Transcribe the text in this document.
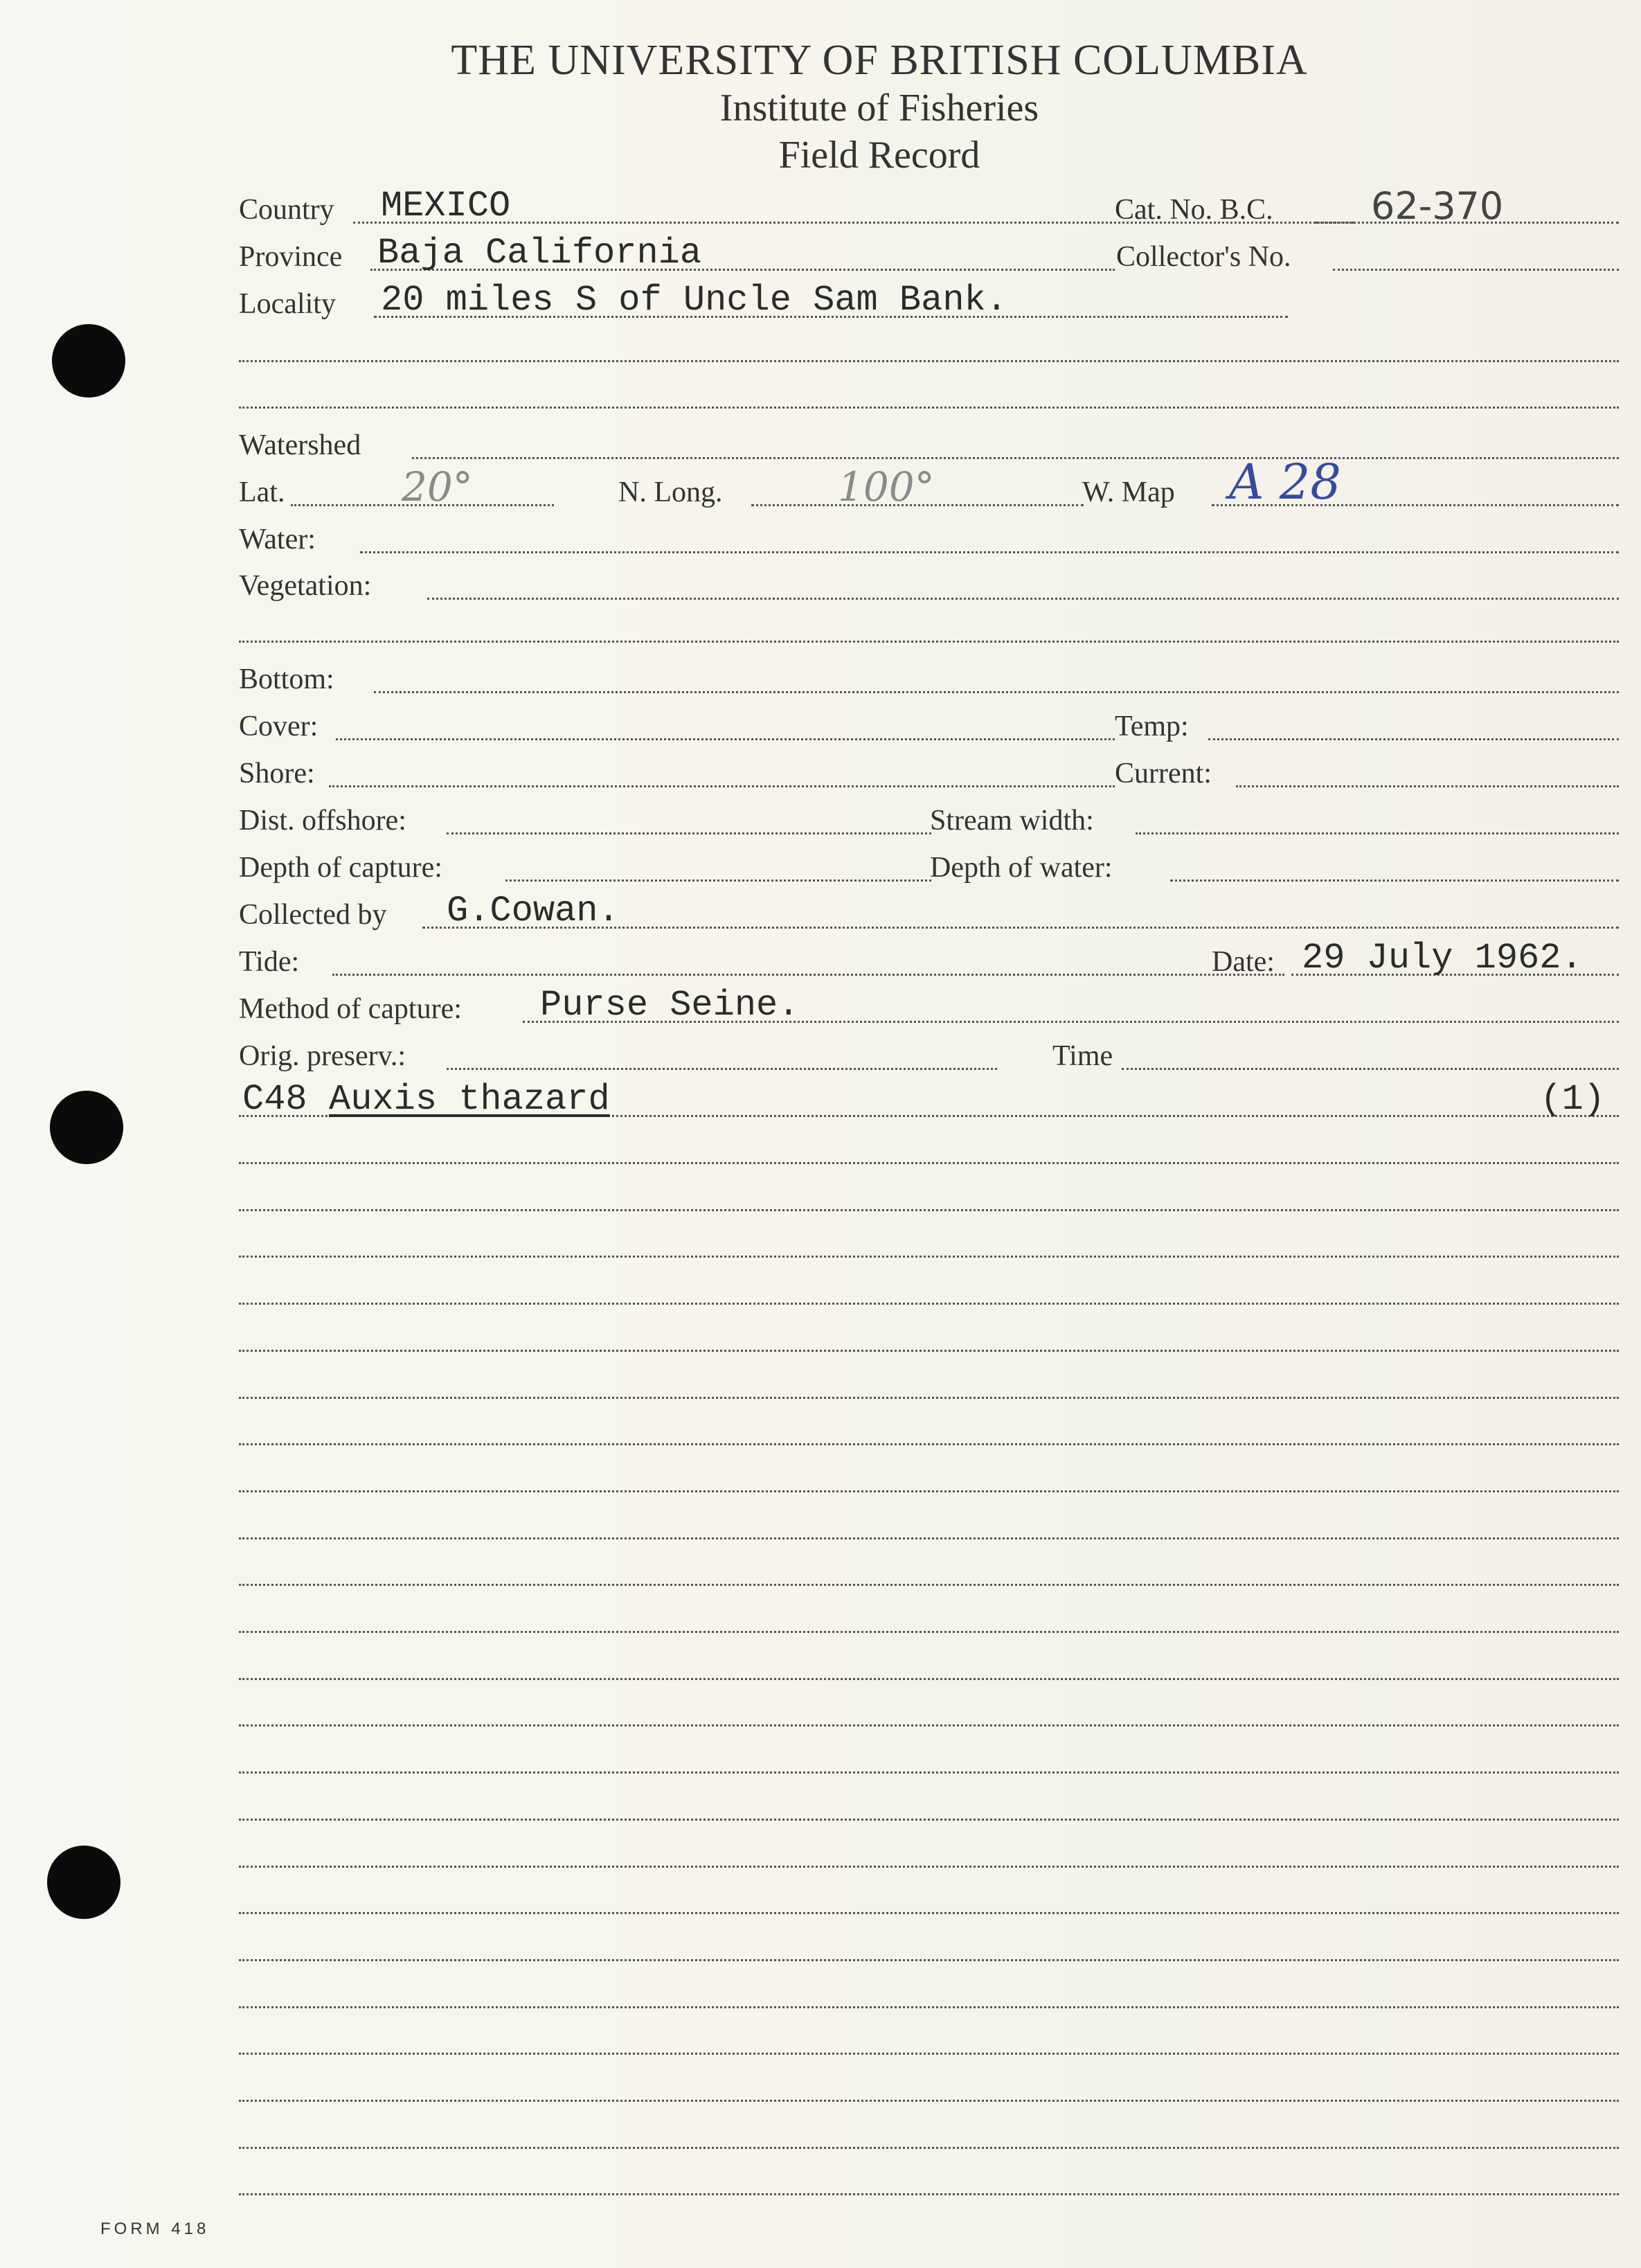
THE UNIVERSITY OF BRITISH COLUMBIA
Institute of Fisheries
Field Record
Country MEXICO	Cat. No. B.C.	62-370
Province Baja California	Collector's No.
Locality 20 miles S of Uncle Sam Bank.
Watershed
Lat.	20°	N. Long.	100°	W. Map A 28
Water:
Vegetation:
Bottom:
Cover:	Temp:
Shore:	Current:
Dist. offshore:	Stream width:
Depth of capture:	Depth of water:
Collected by G.Cowan.
Tide:	Date: 29 July 1962.
Method of capture: Purse Seine.
Orig. preserv.:	Time
C48 Auxis thazard	(1)
FORM 418
